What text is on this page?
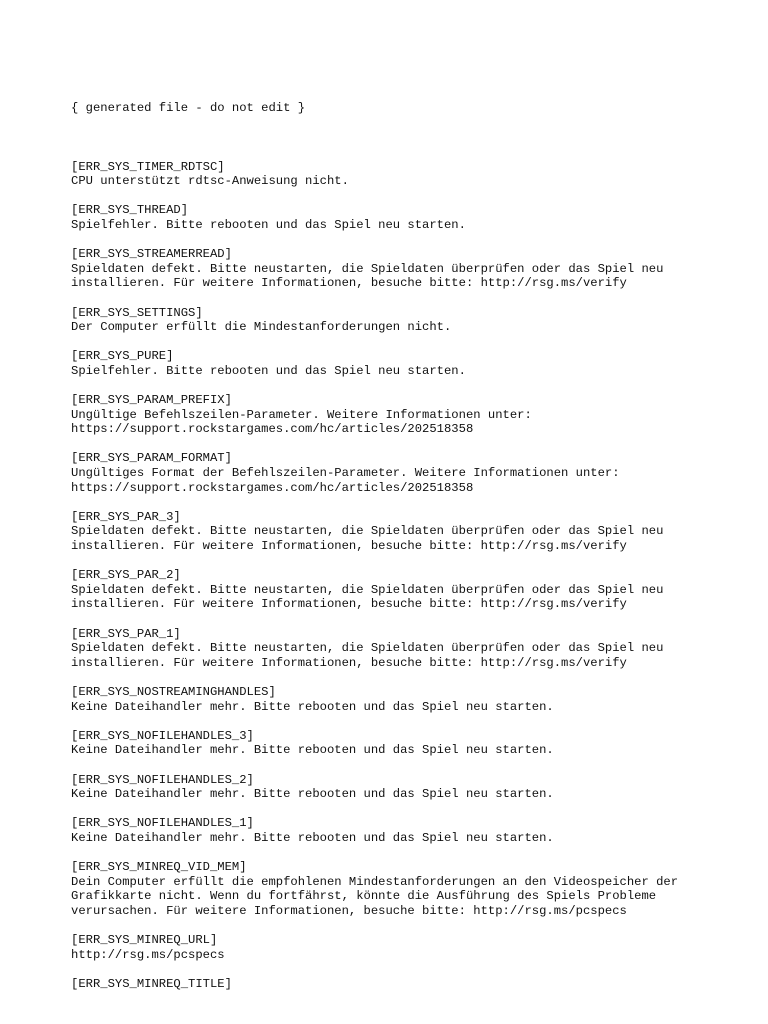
{ generated file - do not edit }

[ERR_SYS_TIMER_RDTSC]
CPU unterstützt rdtsc-Anweisung nicht.
[ERR_SYS_THREAD]
Spielfehler. Bitte rebooten und das Spiel neu starten.
[ERR_SYS_STREAMERREAD]
Spieldaten defekt. Bitte neustarten, die Spieldaten überprüfen oder das Spiel neu
installieren. Für weitere Informationen, besuche bitte: http://rsg.ms/verify
[ERR_SYS_SETTINGS]
Der Computer erfüllt die Mindestanforderungen nicht.
[ERR_SYS_PURE]
Spielfehler. Bitte rebooten und das Spiel neu starten.
[ERR_SYS_PARAM_PREFIX]
Ungültige Befehlszeilen-Parameter. Weitere Informationen unter:
https://support.rockstargames.com/hc/articles/202518358
[ERR_SYS_PARAM_FORMAT]
Ungültiges Format der Befehlszeilen-Parameter. Weitere Informationen unter:
https://support.rockstargames.com/hc/articles/202518358
[ERR_SYS_PAR_3]
Spieldaten defekt. Bitte neustarten, die Spieldaten überprüfen oder das Spiel neu
installieren. Für weitere Informationen, besuche bitte: http://rsg.ms/verify
[ERR_SYS_PAR_2]
Spieldaten defekt. Bitte neustarten, die Spieldaten überprüfen oder das Spiel neu
installieren. Für weitere Informationen, besuche bitte: http://rsg.ms/verify
[ERR_SYS_PAR_1]
Spieldaten defekt. Bitte neustarten, die Spieldaten überprüfen oder das Spiel neu
installieren. Für weitere Informationen, besuche bitte: http://rsg.ms/verify
[ERR_SYS_NOSTREAMINGHANDLES]
Keine Dateihandler mehr. Bitte rebooten und das Spiel neu starten.
[ERR_SYS_NOFILEHANDLES_3]
Keine Dateihandler mehr. Bitte rebooten und das Spiel neu starten.
[ERR_SYS_NOFILEHANDLES_2]
Keine Dateihandler mehr. Bitte rebooten und das Spiel neu starten.
[ERR_SYS_NOFILEHANDLES_1]
Keine Dateihandler mehr. Bitte rebooten und das Spiel neu starten.
[ERR_SYS_MINREQ_VID_MEM]
Dein Computer erfüllt die empfohlenen Mindestanforderungen an den Videospeicher der
Grafikkarte nicht. Wenn du fortfährst, könnte die Ausführung des Spiels Probleme
verursachen. Für weitere Informationen, besuche bitte: http://rsg.ms/pcspecs
[ERR_SYS_MINREQ_URL]
http://rsg.ms/pcspecs
[ERR_SYS_MINREQ_TITLE]
